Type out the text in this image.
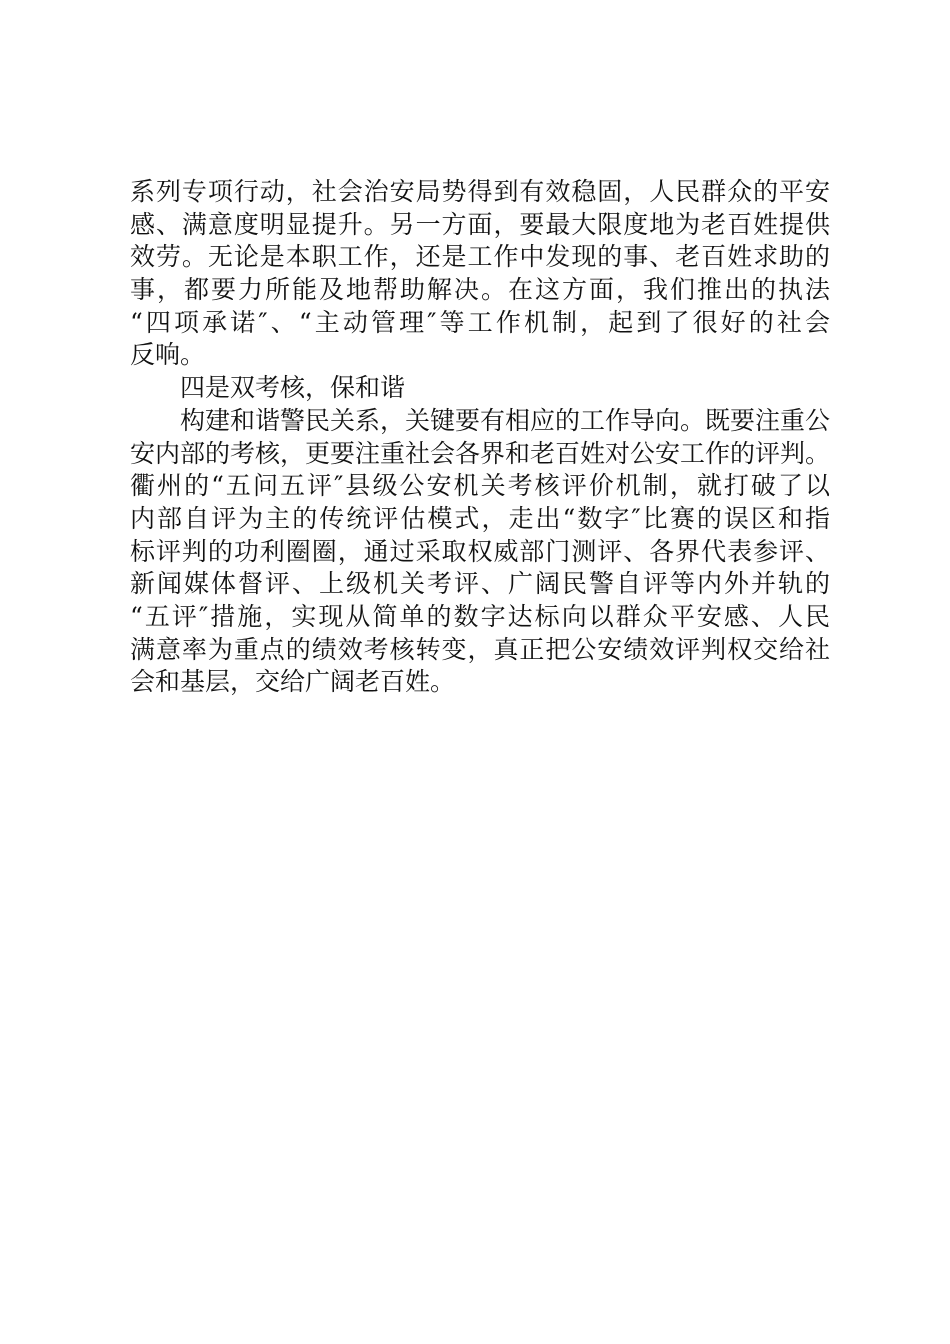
系列专项行动，社会治安局势得到有效稳固，人民群众的平安
感、满意度明显提升。另一方面，要最大限度地为老百姓提供
效劳。无论是本职工作，还是工作中发现的事、老百姓求助的
事，都要力所能及地帮助解决。在这方面，我们推出的执法
“四项承诺″、“主动管理″等工作机制，起到了很好的社会
反响。
四是双考核，保和谐
构建和谐警民关系，关键要有相应的工作导向。既要注重公
安内部的考核，更要注重社会各界和老百姓对公安工作的评判。
衢州的“五问五评″县级公安机关考核评价机制，就打破了以
内部自评为主的传统评估模式，走出“数字″比赛的误区和指
标评判的功利圈圈，通过采取权威部门测评、各界代表参评、
新闻媒体督评、上级机关考评、广阔民警自评等内外并轨的
“五评″措施，实现从简单的数字达标向以群众平安感、人民
满意率为重点的绩效考核转变，真正把公安绩效评判权交给社
会和基层，交给广阔老百姓。
